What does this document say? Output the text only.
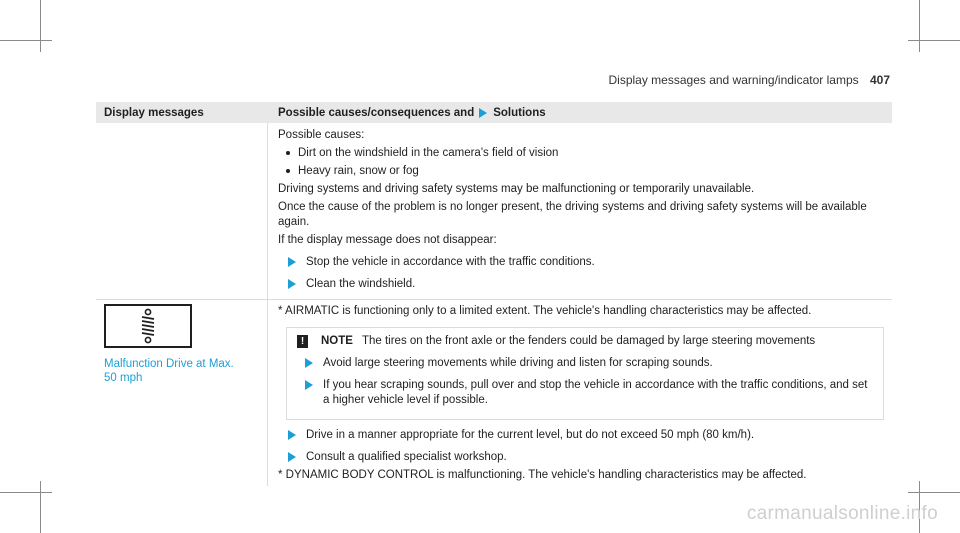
Display messages and warning/indicator lamps 407
Display messages	Possible causes/consequences and Solutions
Possible causes:
Dirt on the windshield in the camera's field of vision
Heavy rain, snow or fog
Driving systems and driving safety systems may be malfunctioning or temporarily unavailable.
Once the cause of the problem is no longer present, the driving systems and driving safety systems will be available again.
If the display message does not disappear:
Stop the vehicle in accordance with the traffic conditions.
Clean the windshield.
Malfunction Drive at Max.
50 mph
* AIRMATIC is functioning only to a limited extent. The vehicle's handling characteristics may be affected.
!	NOTE The tires on the front axle or the fenders could be damaged by large steering movements
Avoid large steering movements while driving and listen for scraping sounds.
If you hear scraping sounds, pull over and stop the vehicle in accordance with the traffic conditions, and set a higher vehicle level if possible.
Drive in a manner appropriate for the current level, but do not exceed 50 mph (80 km/h).
Consult a qualified specialist workshop.
* DYNAMIC BODY CONTROL is malfunctioning. The vehicle's handling characteristics may be affected.
carmanualsonline.info
